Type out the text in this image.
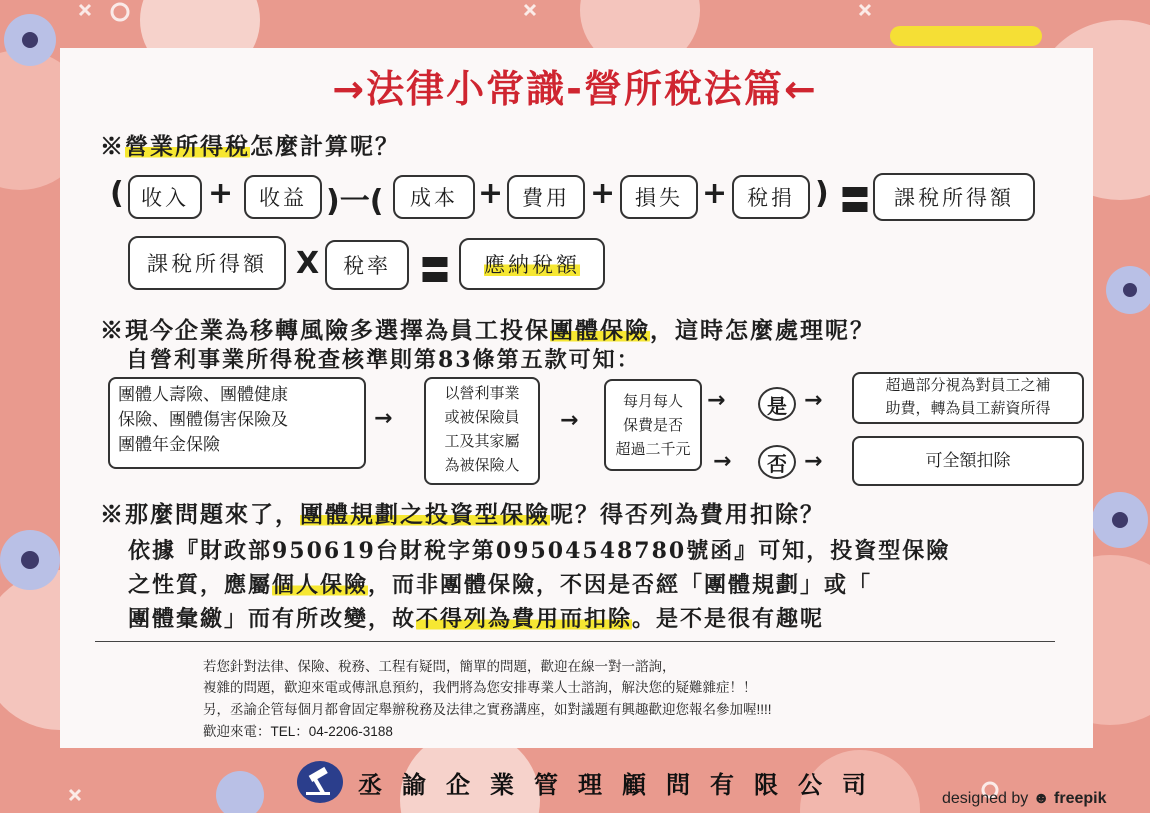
→法律小常識-營所稅法篇←
※營業所得稅怎麼計算呢？
( 收入 +	收益 )一(	成本 + 費用 + 損失 + 稅捐 ) 〓	課稅所得額
課稅所得額 X	稅率 〓 應納稅額
※現今企業為移轉風險多選擇為員工投保團體保險，這時怎麼處理呢？
自營利事業所得稅查核準則第83條第五款可知：
團體人壽險、團體健康
保險、團體傷害保險及
團體年金保險
→
以營利事業
或被保險員
工及其家屬
為被保險人
→
每月每人
保費是否
超過二千元
→	是 →
超過部分視為對員工之補
助費，轉為員工薪資所得
→	否 →	可全額扣除
※那麼問題來了，團體規劃之投資型保險呢？得否列為費用扣除？
依據『財政部950619台財稅字第09504548780號函』可知，投資型保險
之性質，應屬個人保險，而非團體保險，不因是否經「團體規劃」或「
團體彙繳」而有所改變，故不得列為費用而扣除。是不是很有趣呢
若您針對法律、保險、稅務、工程有疑問，簡單的問題，歡迎在線一對一諮詢，
複雜的問題，歡迎來電或傳訊息預約，我們將為您安排專業人士諮詢，解決您的疑難雜症！！
另，丞諭企管每個月都會固定舉辦稅務及法律之實務講座，如對議題有興趣歡迎您報名參加喔!!!!
歡迎來電：TEL：04-2206-3188
丞諭企業管理顧問有限公司	designed by ☻ freepik
